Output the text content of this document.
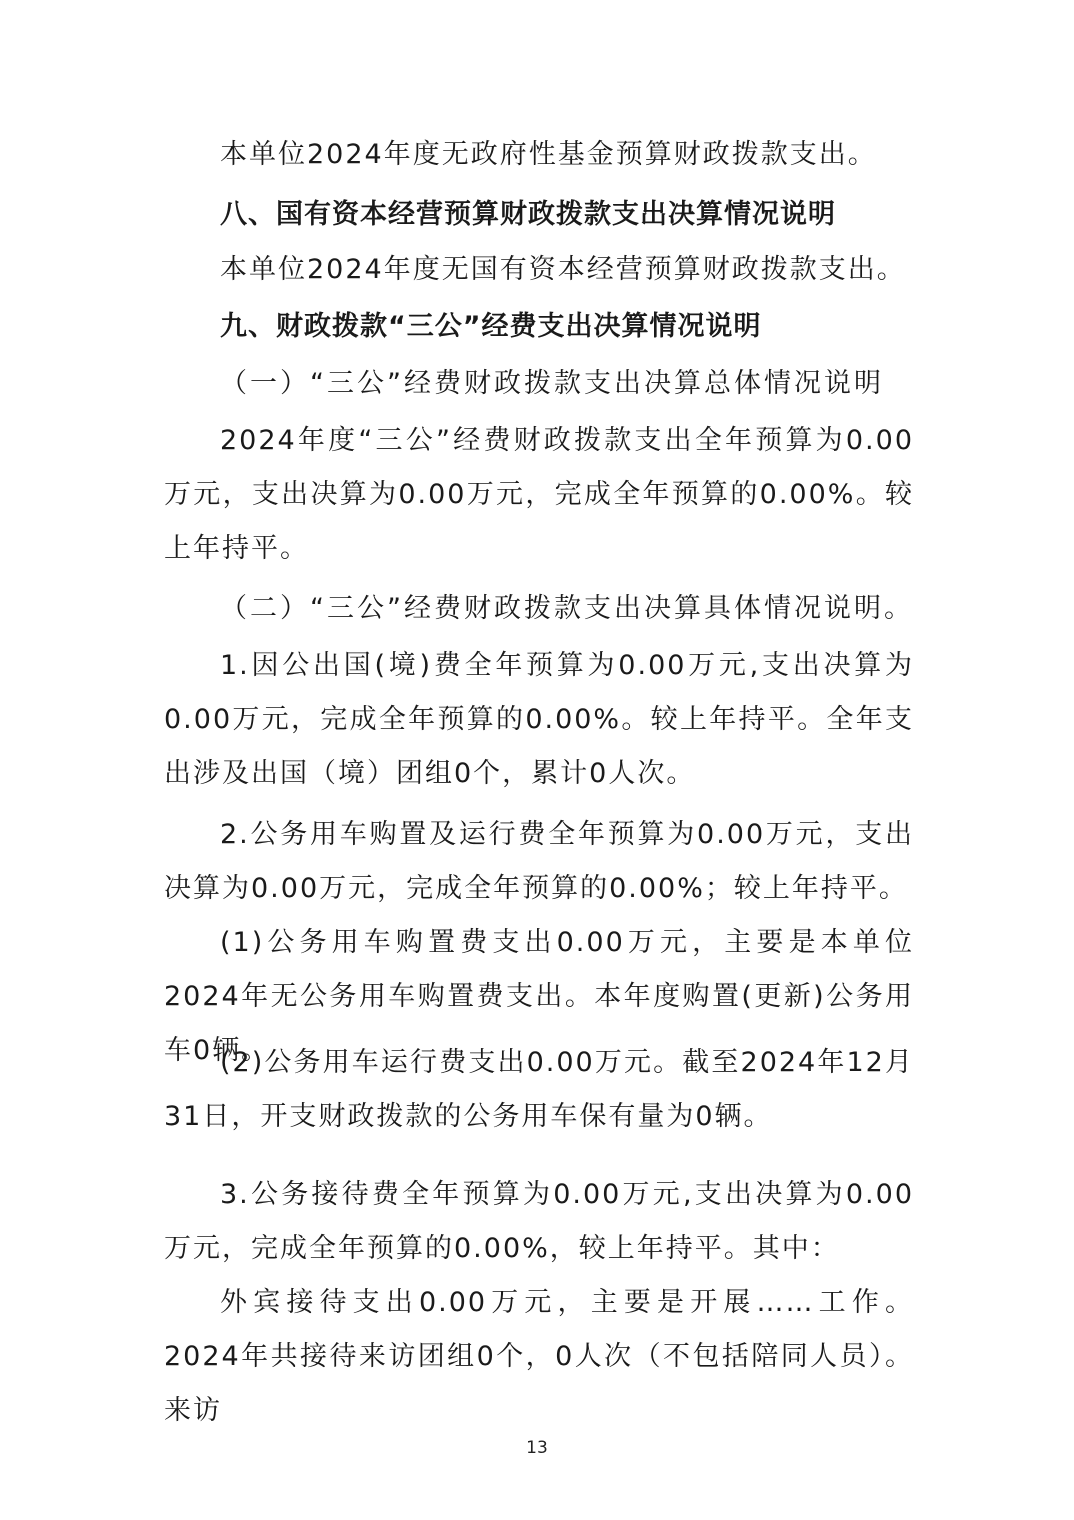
本单位2024年度无政府性基金预算财政拨款支出。

八、国有资本经营预算财政拨款支出决算情况说明

本单位2024年度无国有资本经营预算财政拨款支出。

九、财政拨款“三公”经费支出决算情况说明

（一）“三公”经费财政拨款支出决算总体情况说明

2024年度“三公”经费财政拨款支出全年预算为0.00万元，支出决算为0.00万元，完成全年预算的0.00%。较上年持平。

（二）“三公”经费财政拨款支出决算具体情况说明。

1.因公出国(境)费全年预算为0.00万元,支出决算为0.00万元，完成全年预算的0.00%。较上年持平。全年支出涉及出国（境）团组0个，累计0人次。

2.公务用车购置及运行费全年预算为0.00万元，支出决算为0.00万元，完成全年预算的0.00%；较上年持平。

(1)公务用车购置费支出0.00万元，主要是本单位2024年无公务用车购置费支出。本年度购置(更新)公务用车0辆。

(2)公务用车运行费支出0.00万元。截至2024年12月31日，开支财政拨款的公务用车保有量为0辆。

3.公务接待费全年预算为0.00万元,支出决算为0.00万元，完成全年预算的0.00%，较上年持平。其中：

外宾接待支出0.00万元，主要是开展……工作。2024年共接待来访团组0个，0人次（不包括陪同人员）。来访

13
